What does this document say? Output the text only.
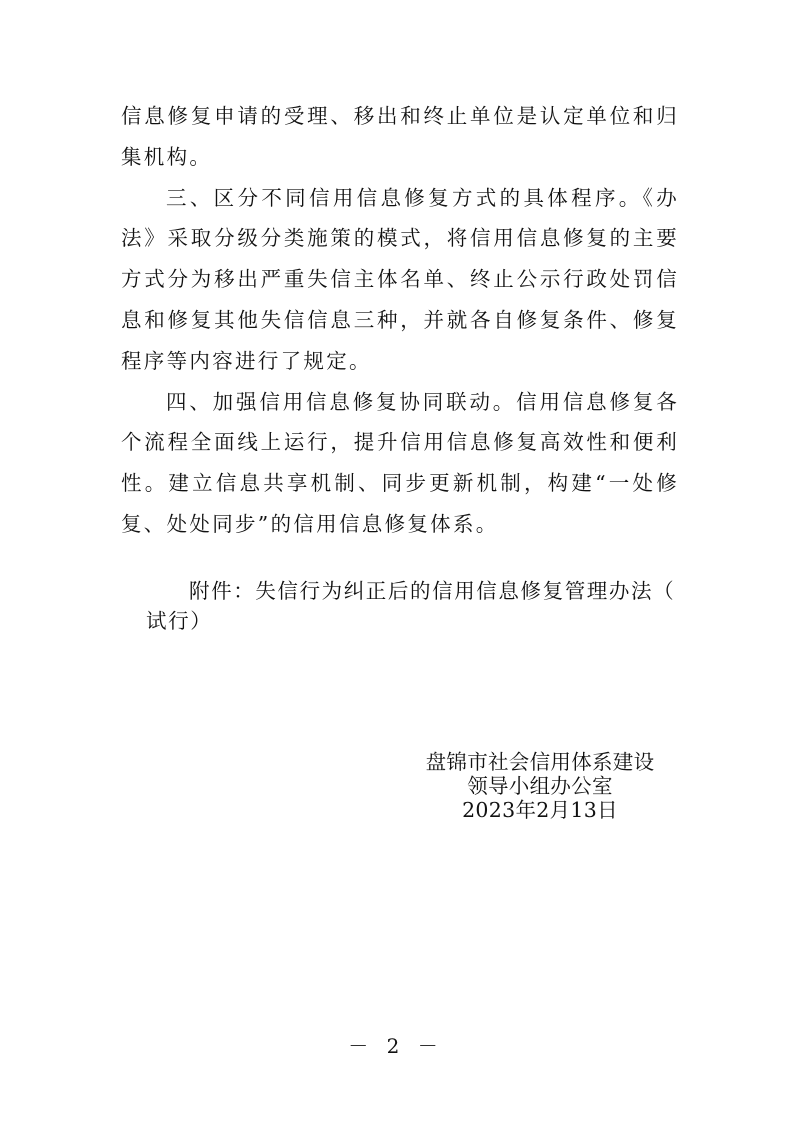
信息修复申请的受理、移出和终止单位是认定单位和归集机构。

三、区分不同信用信息修复方式的具体程序。《办法》采取分级分类施策的模式，将信用信息修复的主要方式分为移出严重失信主体名单、终止公示行政处罚信息和修复其他失信信息三种，并就各自修复条件、修复程序等内容进行了规定。

四、加强信用信息修复协同联动。信用信息修复各个流程全面线上运行，提升信用信息修复高效性和便利性。建立信息共享机制、同步更新机制，构建“一处修复、处处同步”的信用信息修复体系。

附件：失信行为纠正后的信用信息修复管理办法（
试行）
盘锦市社会信用体系建设
领导小组办公室
2023年2月13日
－ 2 －
